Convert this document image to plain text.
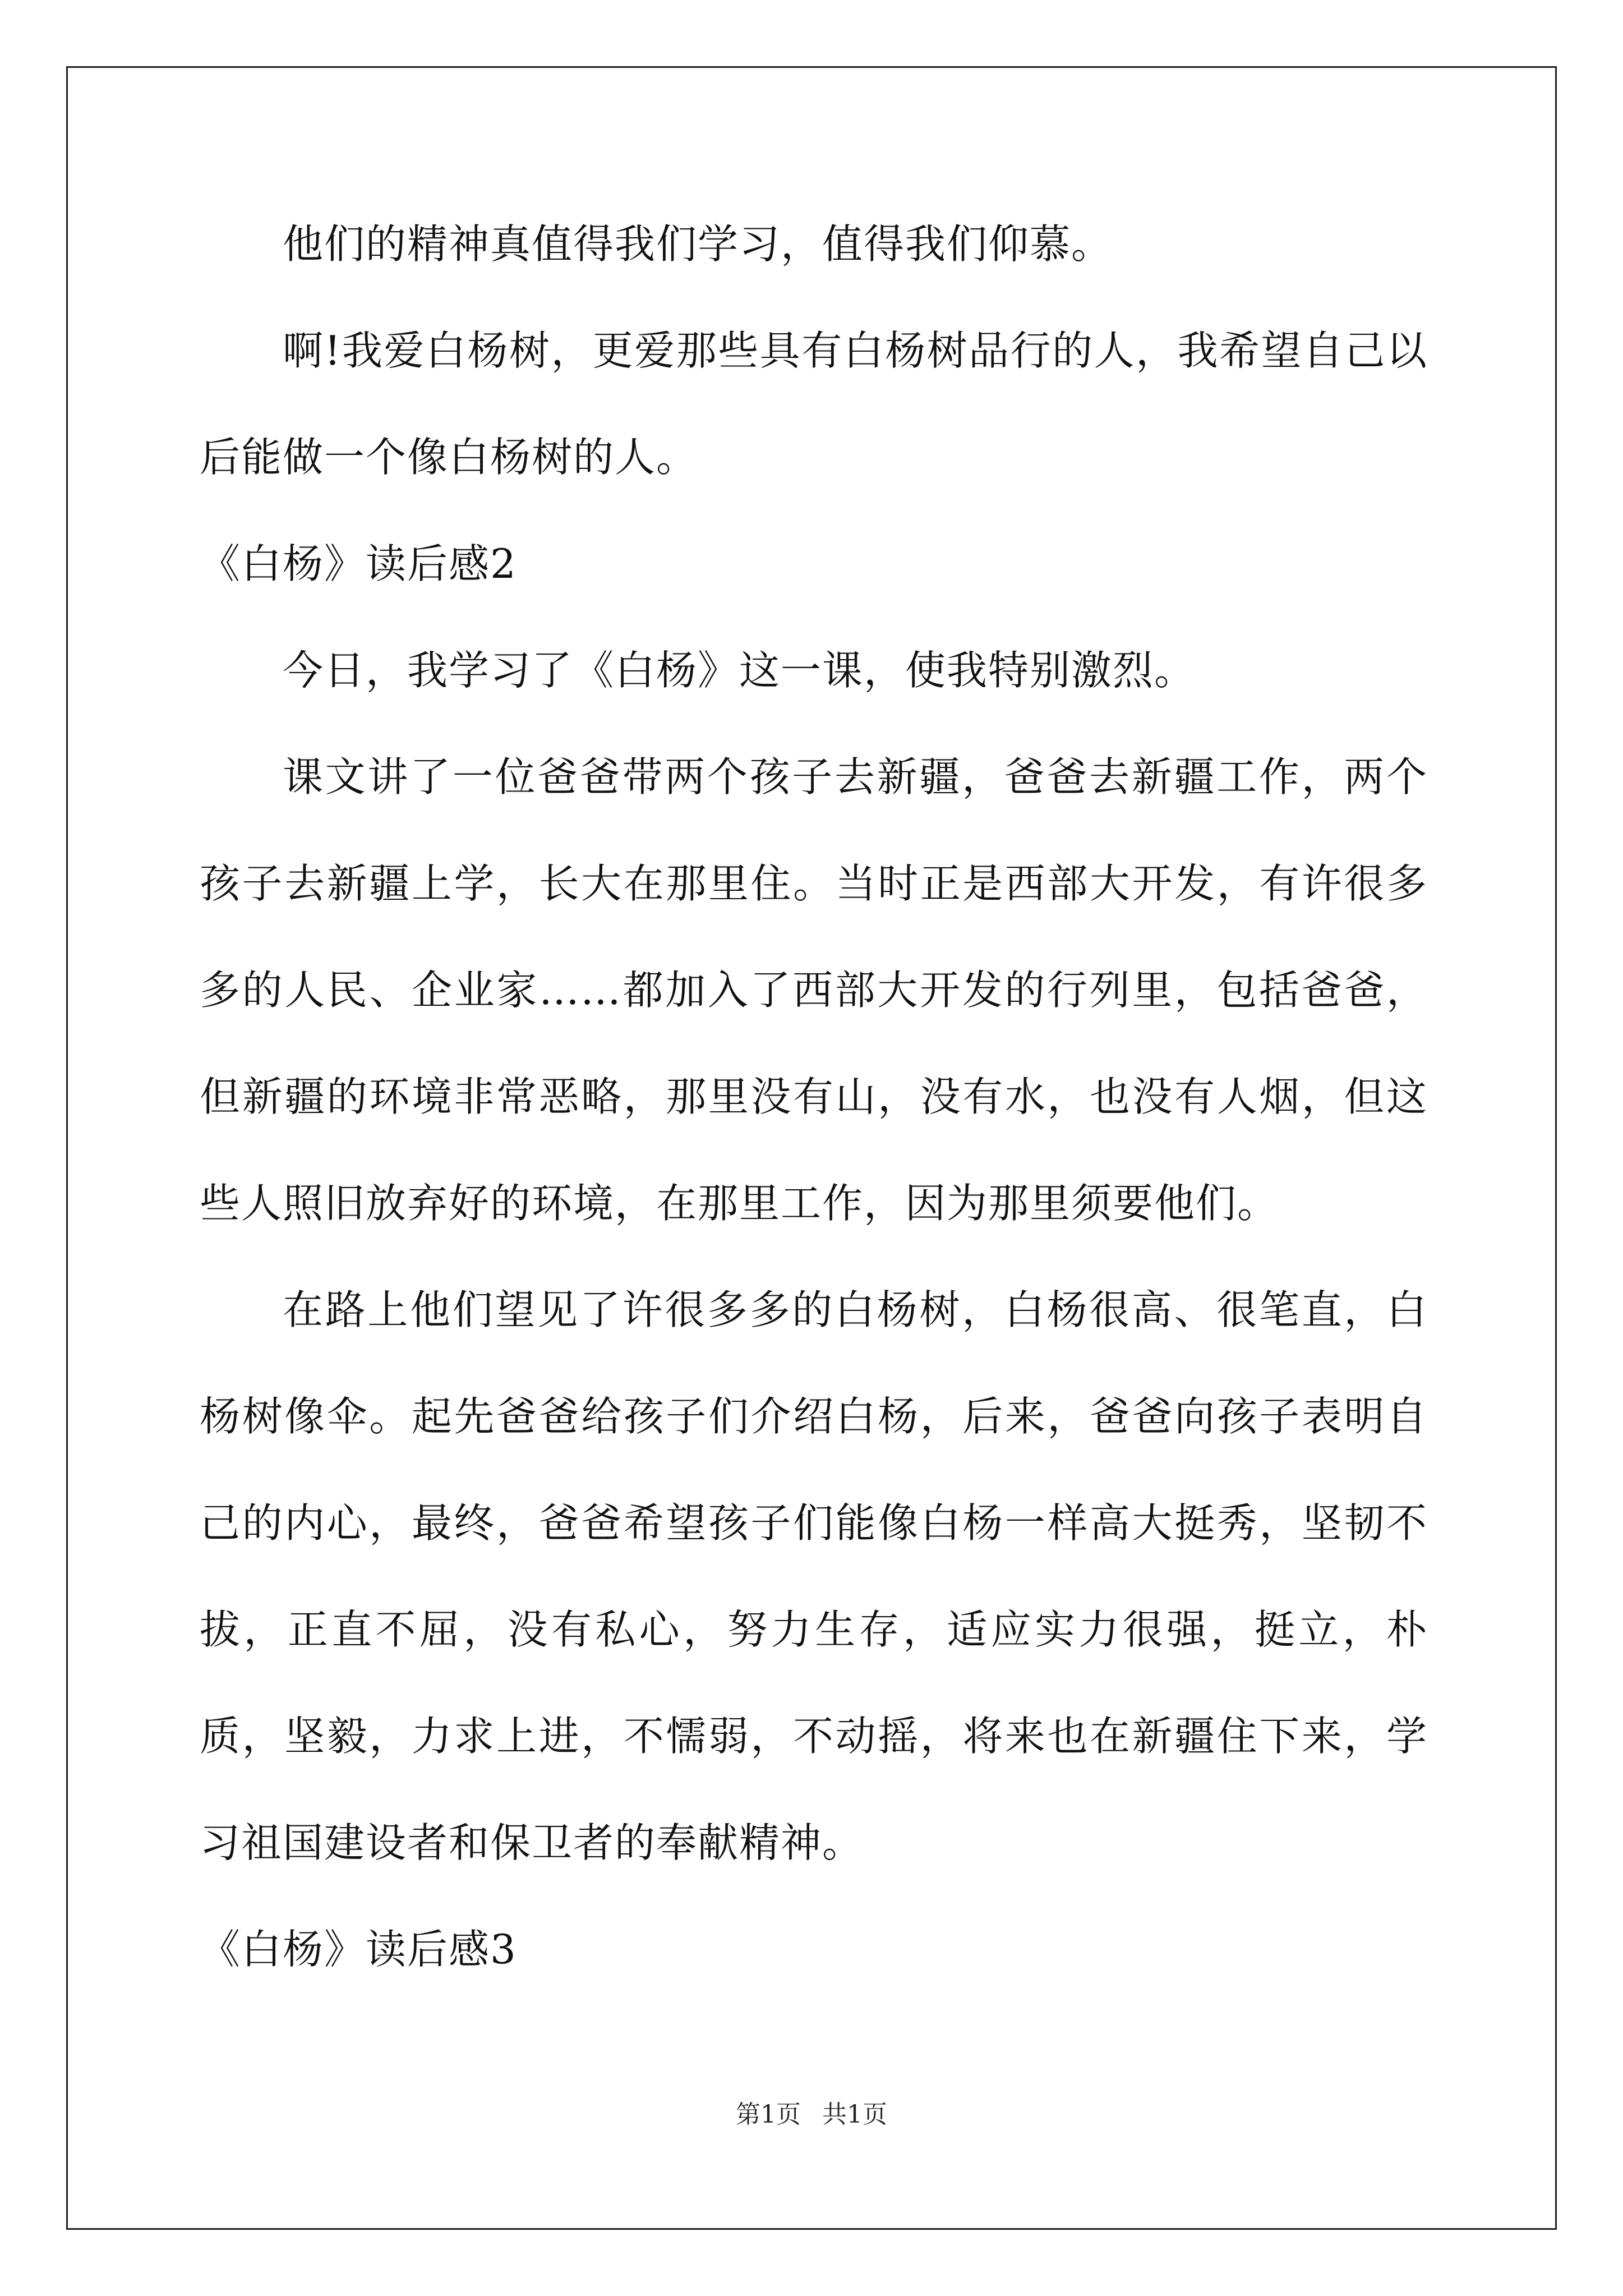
他们的精神真值得我们学习，值得我们仰慕。

啊!我爱白杨树，更爱那些具有白杨树品行的人，我希望自己以后能做一个像白杨树的人。

《白杨》读后感2

今日，我学习了《白杨》这一课，使我特别激烈。

课文讲了一位爸爸带两个孩子去新疆，爸爸去新疆工作，两个孩子去新疆上学，长大在那里住。当时正是西部大开发，有许很多多的人民、企业家……都加入了西部大开发的行列里，包括爸爸，但新疆的环境非常恶略，那里没有山，没有水，也没有人烟，但这些人照旧放弃好的环境，在那里工作，因为那里须要他们。

在路上他们望见了许很多多的白杨树，白杨很高、很笔直，白杨树像伞。起先爸爸给孩子们介绍白杨，后来，爸爸向孩子表明自己的内心，最终，爸爸希望孩子们能像白杨一样高大挺秀，坚韧不拔，正直不屈，没有私心，努力生存，适应实力很强，挺立，朴质，坚毅，力求上进，不懦弱，不动摇，将来也在新疆住下来，学习祖国建设者和保卫者的奉献精神。

《白杨》读后感3

第1页 共1页
